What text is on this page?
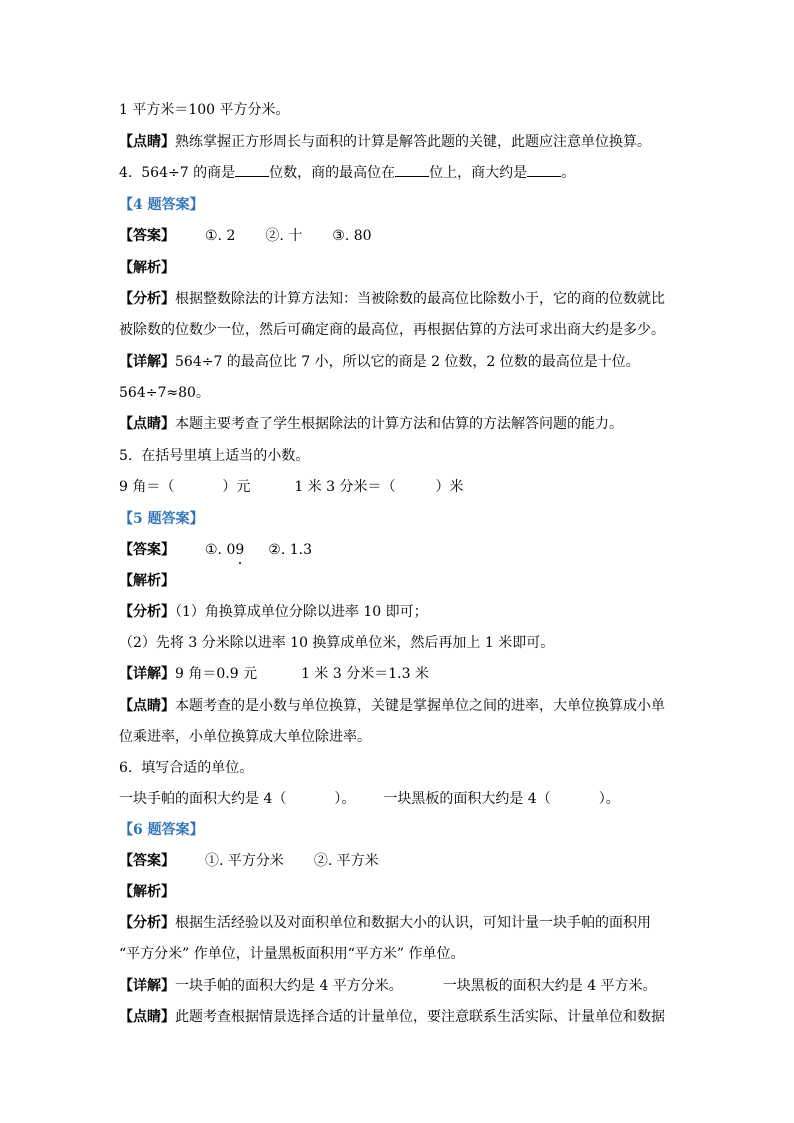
1 平方米＝100 平方分米。
【点睛】熟练掌握正方形周长与面积的计算是解答此题的关键，此题应注意单位换算。
4.  564÷7 的商是 位数，商的最高位在 位上，商大约是 。
【4 题答案】
【答案】 ①. 2 ②. 十 ③. 80
【解析】
【分析】根据整数除法的计算方法知：当被除数的最高位比除数小于，它的商的位数就比
被除数的位数少一位，然后可确定商的最高位，再根据估算的方法可求出商大约是多少。
【详解】564÷7 的最高位比 7 小，所以它的商是 2 位数，2 位数的最高位是十位。
564÷7≈80。
【点睛】本题主要考查了学生根据除法的计算方法和估算的方法解答问题的能力。
5.  在括号里填上适当的小数。
9 角＝（	）元	1 米 3 分米＝（	）米
【5 题答案】
【答案】 ①. 09 ②. 1.3
【解析】
【分析】（1）角换算成单位分除以进率 10 即可；
（2）先将 3 分米除以进率 10 换算成单位米，然后再加上 1 米即可。
【详解】9 角＝0.9 元	1 米 3 分米＝1.3 米
【点睛】本题考查的是小数与单位换算，关键是掌握单位之间的进率，大单位换算成小单
位乘进率，小单位换算成大单位除进率。
6.  填写合适的单位。
一块手帕的面积大约是 4（	）。 一块黑板的面积大约是 4（	）。
【6 题答案】
【答案】 ①. 平方分米 ②. 平方米
【解析】
【分析】根据生活经验以及对面积单位和数据大小的认识，可知计量一块手帕的面积用
“平方分米” 作单位，计量黑板面积用“平方米” 作单位。
【详解】一块手帕的面积大约是 4 平方分米。	一块黑板的面积大约是 4 平方米。
【点睛】此题考查根据情景选择合适的计量单位，要注意联系生活实际、计量单位和数据
